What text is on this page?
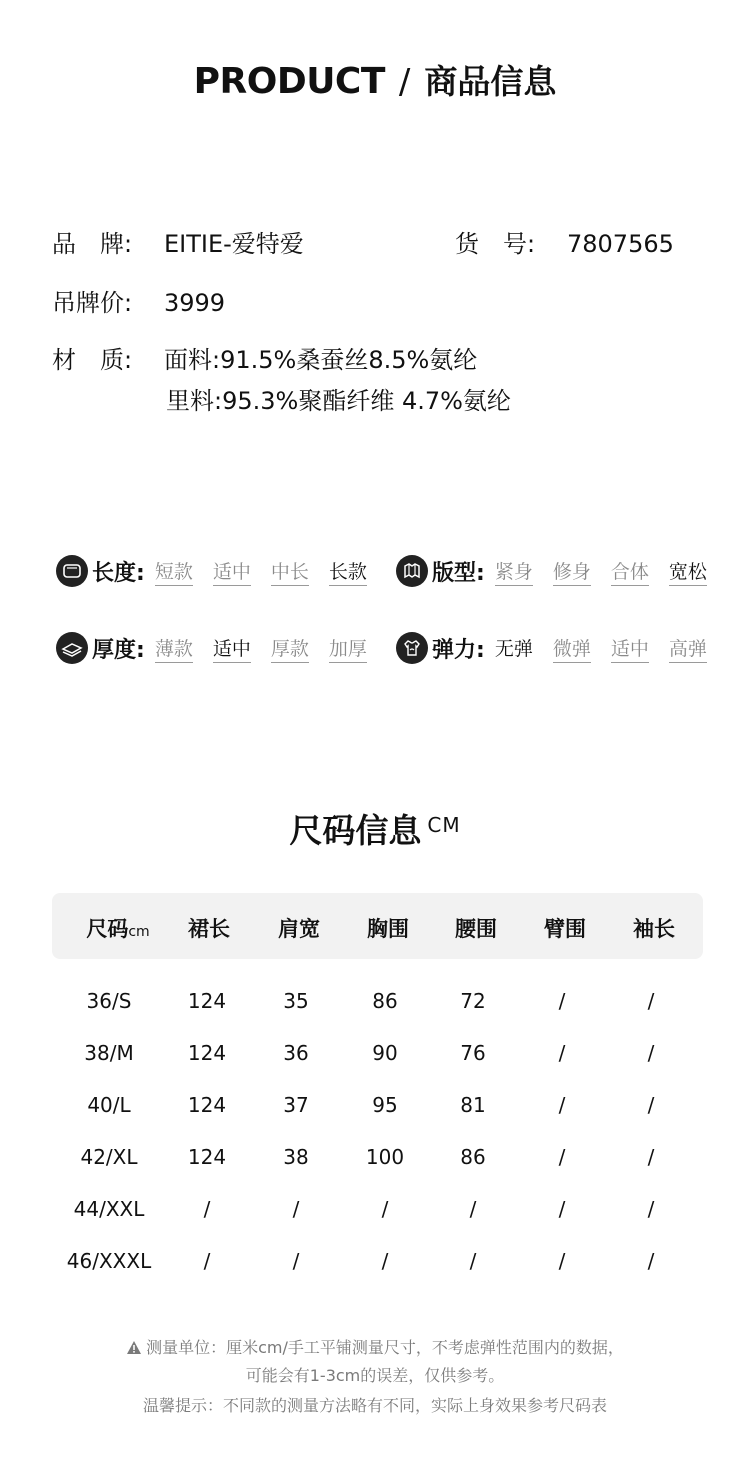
PRODUCT / 商品信息
品　牌: EITIE-爱特爱	货　号: 7807565
吊牌价: 3999
材　质: 面料:91.5%桑蚕丝8.5%氨纶
里料:95.3%聚酯纤维 4.7%氨纶
长度: 短款 适中 中长 长款	版型: 紧身 修身 合体 宽松
厚度: 薄款 适中 厚款 加厚	弹力: 无弹 微弹 适中 高弹
尺码信息 CM
尺码cm 裙长 肩宽 胸围 腰围 臂围 袖长
36/S	124	35	86	72	/	/
38/M	124	36	90	76	/	/
40/L	124	37	95	81	/	/
42/XL	124	38	100	86	/	/
44/XXL	/	/	/	/	/	/
46/XXXL	/	/	/	/	/	/
测量单位：厘米cm/手工平铺测量尺寸，不考虑弹性范围内的数据，
可能会有1-3cm的误差，仅供参考。
温馨提示：不同款的测量方法略有不同，实际上身效果参考尺码表
